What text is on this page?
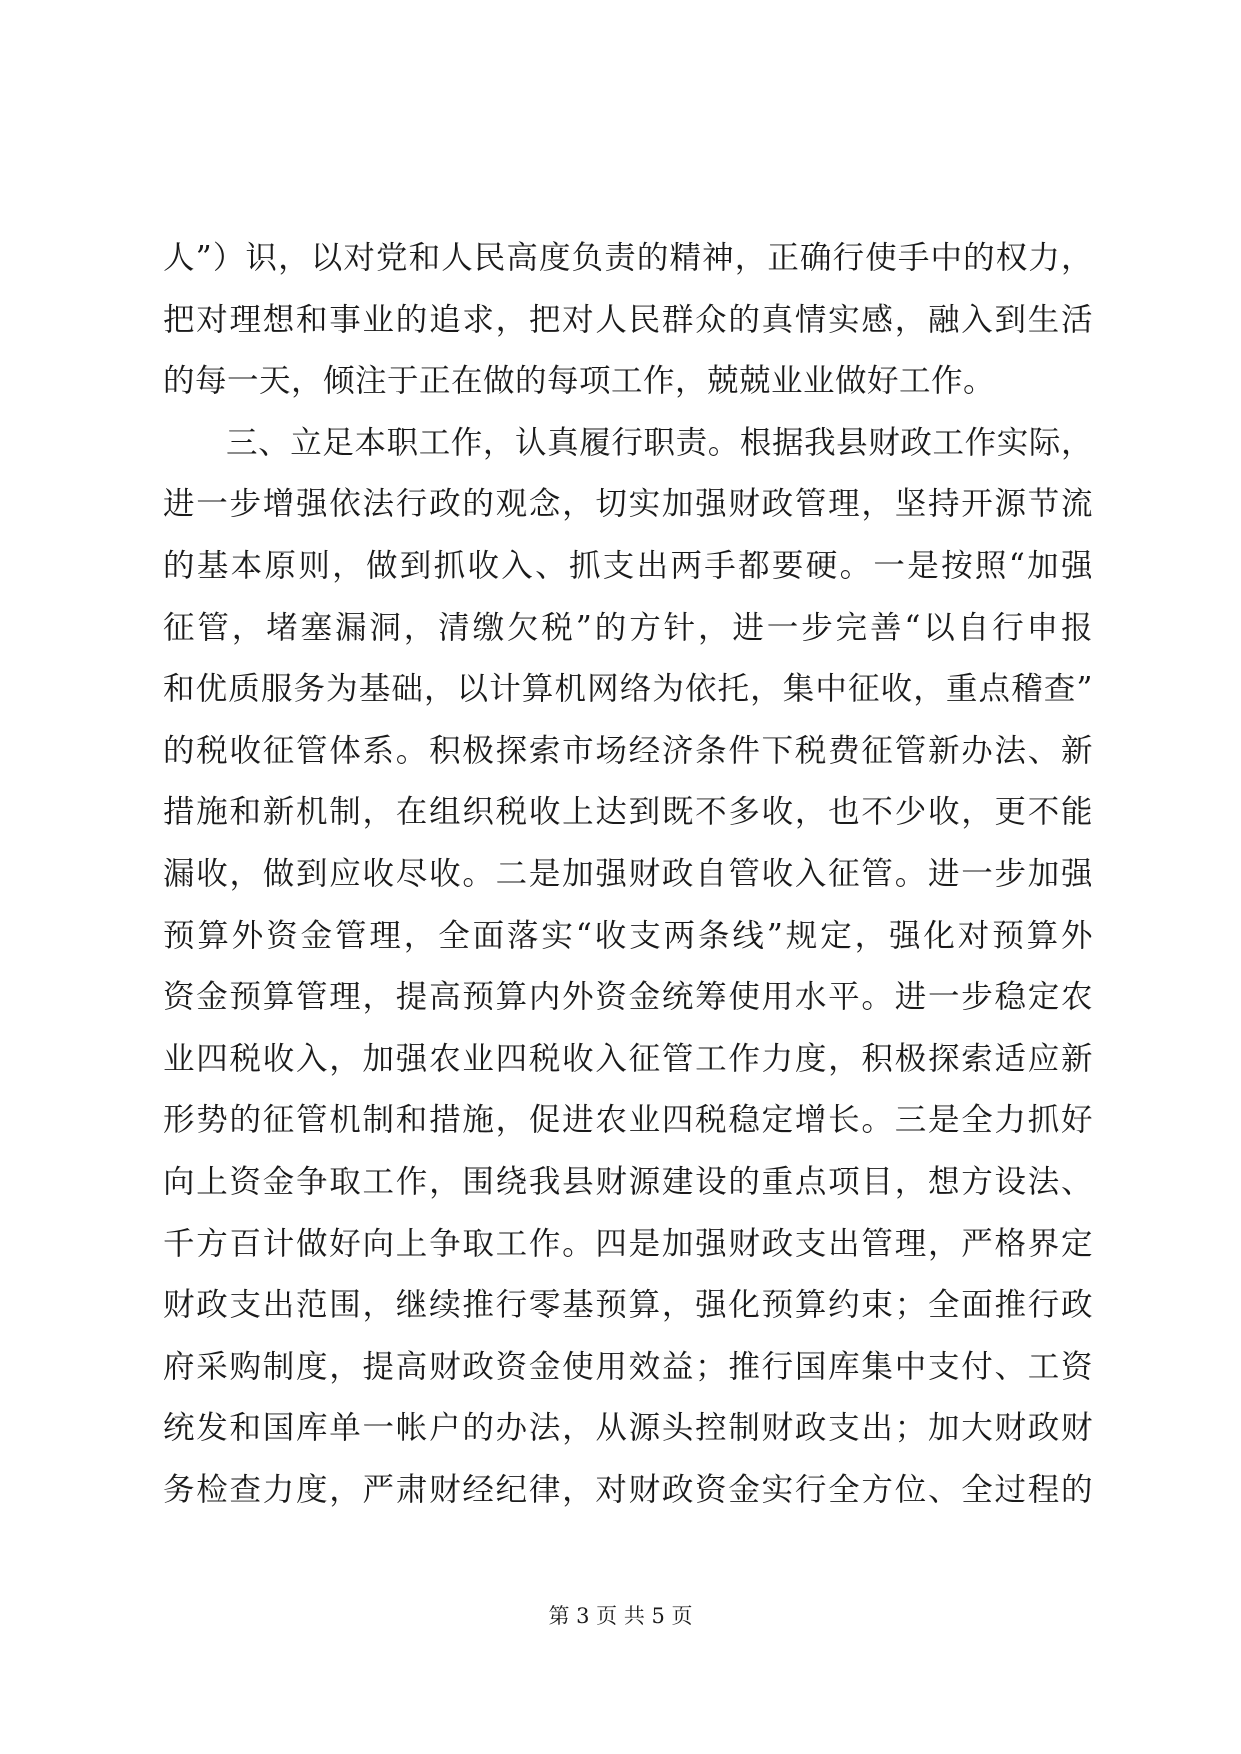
人”）识，以对党和人民高度负责的精神，正确行使手中的权力，
把对理想和事业的追求，把对人民群众的真情实感，融入到生活
的每一天，倾注于正在做的每项工作，兢兢业业做好工作。
三、立足本职工作，认真履行职责。根据我县财政工作实际，
进一步增强依法行政的观念，切实加强财政管理，坚持开源节流
的基本原则，做到抓收入、抓支出两手都要硬。一是按照“加强
征管，堵塞漏洞，清缴欠税”的方针，进一步完善“以自行申报
和优质服务为基础，以计算机网络为依托，集中征收，重点稽查”
的税收征管体系。积极探索市场经济条件下税费征管新办法、新
措施和新机制，在组织税收上达到既不多收，也不少收，更不能
漏收，做到应收尽收。二是加强财政自管收入征管。进一步加强
预算外资金管理，全面落实“收支两条线”规定，强化对预算外
资金预算管理，提高预算内外资金统筹使用水平。进一步稳定农
业四税收入，加强农业四税收入征管工作力度，积极探索适应新
形势的征管机制和措施，促进农业四税稳定增长。三是全力抓好
向上资金争取工作，围绕我县财源建设的重点项目，想方设法、
千方百计做好向上争取工作。四是加强财政支出管理，严格界定
财政支出范围，继续推行零基预算，强化预算约束；全面推行政
府采购制度，提高财政资金使用效益；推行国库集中支付、工资
统发和国库单一帐户的办法，从源头控制财政支出；加大财政财
务检查力度，严肃财经纪律，对财政资金实行全方位、全过程的
第 3 页 共 5 页
